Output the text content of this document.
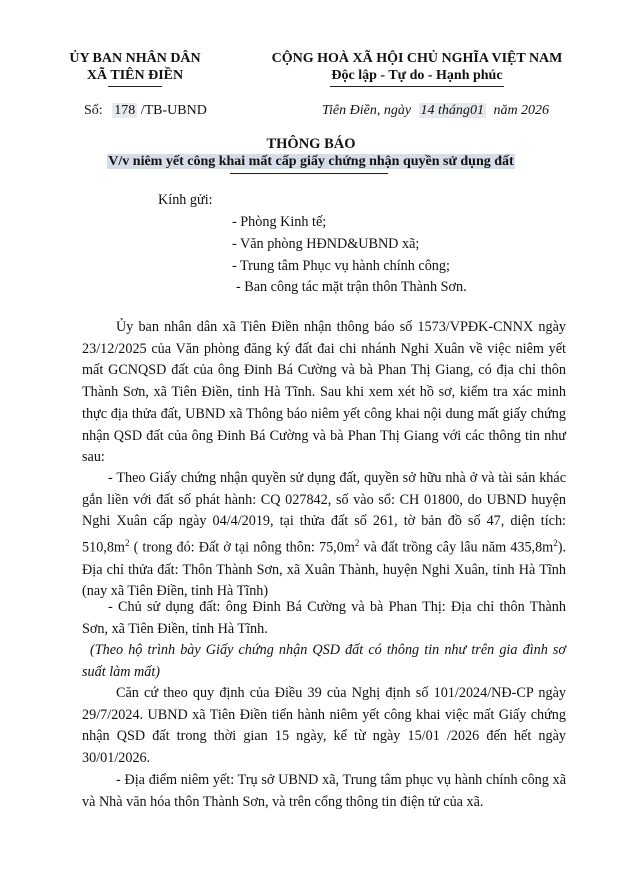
ỦY BAN NHÂN DÂN
XÃ TIÊN ĐIỀN
CỘNG HOÀ XÃ HỘI CHỦ NGHĨA VIỆT NAM
Độc lập - Tự do - Hạnh phúc
Số: 178 /TB-UBND	Tiên Điền, ngày 14 tháng01 năm 2026
THÔNG BÁO
V/v niêm yết công khai mất cấp giấy chứng nhận quyền sử dụng đất
Kính gửi:
- Phòng Kinh tế;
- Văn phòng HĐND&UBND xã;
- Trung tâm Phục vụ hành chính công;
- Ban công tác mặt trận thôn Thành Sơn.
Ủy ban nhân dân xã Tiên Điền nhận thông báo số 1573/VPĐK-CNNX ngày 23/12/2025 của Văn phòng đăng ký đất đai chi nhánh Nghi Xuân về việc niêm yết mất GCNQSD đất của ông Đinh Bá Cường và bà Phan Thị Giang, có địa chỉ thôn Thành Sơn, xã Tiên Điền, tỉnh Hà Tĩnh. Sau khi xem xét hồ sơ, kiểm tra xác minh thực địa thửa đất, UBND xã Thông báo niêm yết công khai nội dung mất giấy chứng nhận QSD đất của ông Đinh Bá Cường và bà Phan Thị Giang với các thông tin như sau:
- Theo Giấy chứng nhận quyền sử dụng đất, quyền sở hữu nhà ở và tài sản khác gắn liền với đất số phát hành: CQ 027842, số vào sổ: CH 01800, do UBND huyện Nghi Xuân cấp ngày 04/4/2019, tại thửa đất số 261, tờ bản đồ số 47, diện tích: $510,8m^2$ ( trong đó: Đất ở tại nông thôn: $75,0m^2$ và đất trồng cây lâu năm $435,8m^2$). Địa chỉ thửa đất: Thôn Thành Sơn, xã Xuân Thành, huyện Nghi Xuân, tỉnh Hà Tĩnh (nay xã Tiên Điền, tỉnh Hà Tĩnh)
- Chủ sử dụng đất: ông Đinh Bá Cường và bà Phan Thị: Địa chỉ thôn Thành Sơn, xã Tiên Điền, tỉnh Hà Tĩnh.
(Theo hộ trình bày Giấy chứng nhận QSD đất có thông tin như trên gia đình sơ suất làm mất)
Căn cứ theo quy định của Điều 39 của Nghị định số 101/2024/NĐ-CP ngày 29/7/2024. UBND xã Tiên Điền tiến hành niêm yết công khai việc mất Giấy chứng nhận QSD đất trong thời gian 15 ngày, kể từ ngày 15/01 /2026 đến hết ngày 30/01/2026.
- Địa điểm niêm yết: Trụ sở UBND xã, Trung tâm phục vụ hành chính công xã và Nhà văn hóa thôn Thành Sơn, và trên cổng thông tin điện tử của xã.
